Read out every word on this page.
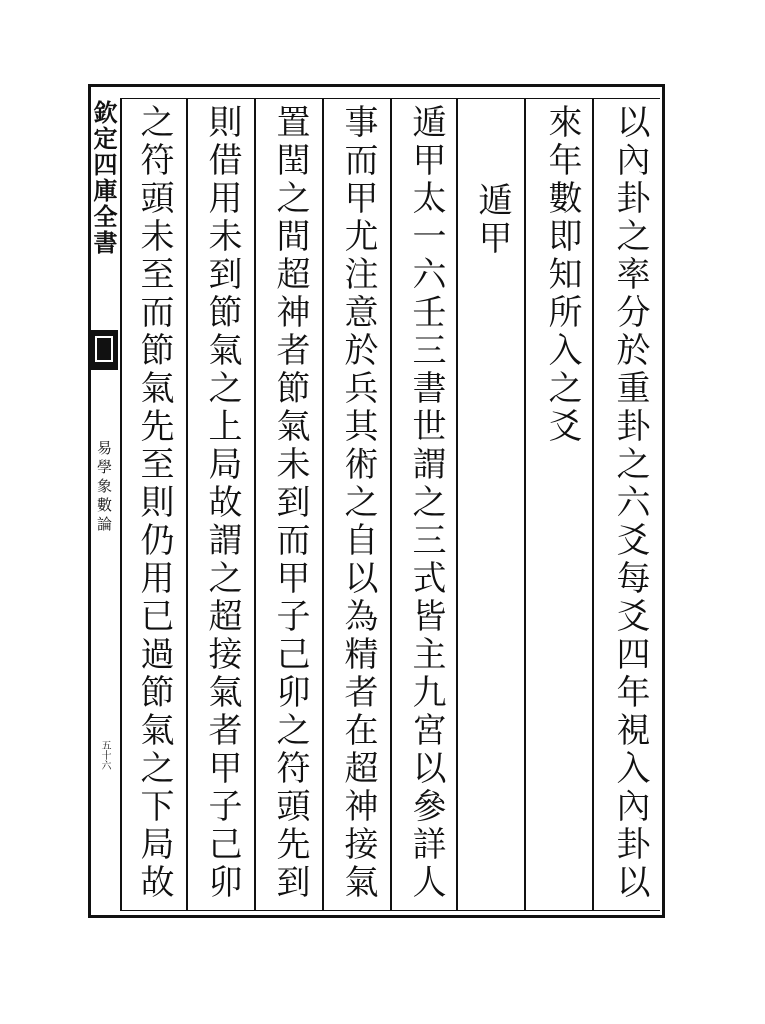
欽定四庫全書
易學象數論
五十六	以內卦之率分於重卦之六爻每爻四年視入內卦以
來年數即知所入之爻
遁甲
遁甲太一六壬三書世謂之三式皆主九宮以參詳人
事而甲尤注意於兵其術之自以為精者在超神接氣
置閏之間超神者節氣未到而甲子己卯之符頭先到
則借用未到節氣之上局故謂之超接氣者甲子己卯
之符頭未至而節氣先至則仍用已過節氣之下局故
